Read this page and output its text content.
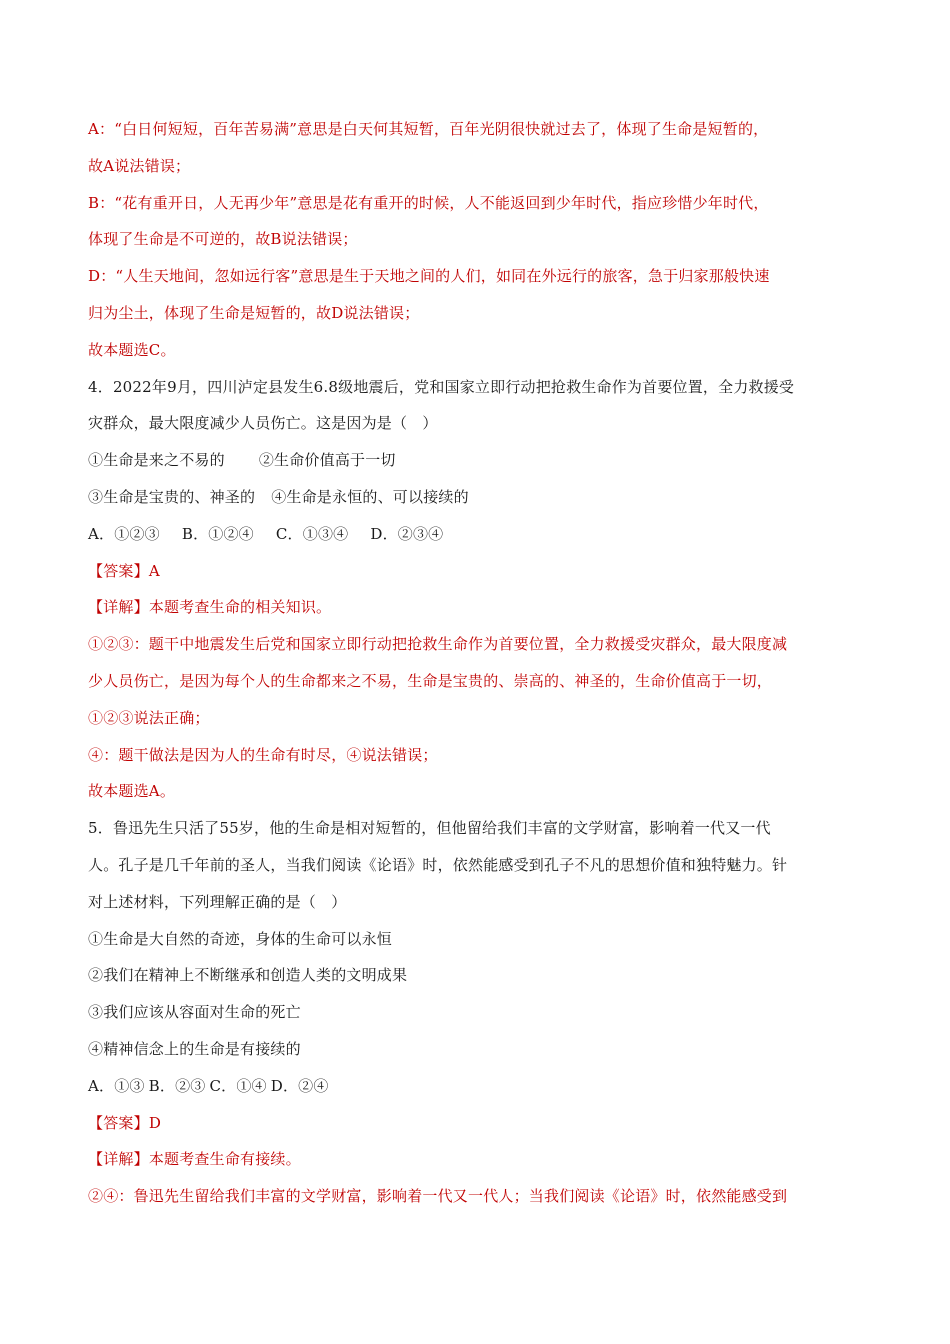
A：“白日何短短，百年苦易满”意思是白天何其短暂，百年光阴很快就过去了，体现了生命是短暂的，
故A说法错误；
B：“花有重开日，人无再少年”意思是花有重开的时候，人不能返回到少年时代，指应珍惜少年时代，
体现了生命是不可逆的，故B说法错误；
D：“人生天地间，忽如远行客”意思是生于天地之间的人们，如同在外远行的旅客，急于归家那般快速
归为尘土，体现了生命是短暂的，故D说法错误；
故本题选C。
4．2022年9月，四川泸定县发生6.8级地震后，党和国家立即行动把抢救生命作为首要位置，全力救援受
灾群众，最大限度减少人员伤亡。这是因为是（　）
①生命是来之不易的 ②生命价值高于一切
③生命是宝贵的、神圣的 ④生命是永恒的、可以接续的
A．①②③ B．①②④ C．①③④ D．②③④
【答案】A
【详解】本题考查生命的相关知识。
①②③：题干中地震发生后党和国家立即行动把抢救生命作为首要位置，全力救援受灾群众，最大限度减
少人员伤亡，是因为每个人的生命都来之不易，生命是宝贵的、崇高的、神圣的，生命价值高于一切，
①②③说法正确；
④：题干做法是因为人的生命有时尽，④说法错误；
故本题选A。
5．鲁迅先生只活了55岁，他的生命是相对短暂的，但他留给我们丰富的文学财富，影响着一代又一代
人。孔子是几千年前的圣人，当我们阅读《论语》时，依然能感受到孔子不凡的思想价值和独特魅力。针
对上述材料，下列理解正确的是（　）
①生命是大自然的奇迹，身体的生命可以永恒
②我们在精神上不断继承和创造人类的文明成果
③我们应该从容面对生命的死亡
④精神信念上的生命是有接续的
A．①③ B．②③ C．①④ D．②④
【答案】D
【详解】本题考查生命有接续。
②④：鲁迅先生留给我们丰富的文学财富，影响着一代又一代人；当我们阅读《论语》时，依然能感受到
